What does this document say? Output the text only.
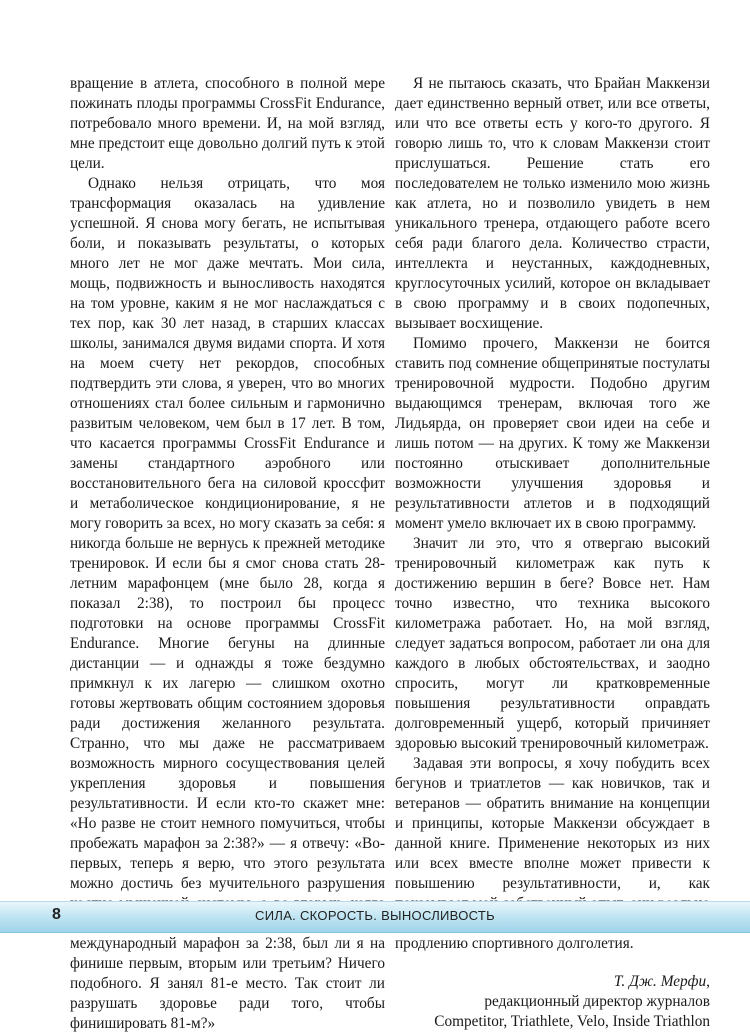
вращение в атлета, способного в полной мере пожинать плоды программы CrossFit Endurance, потребовало много времени. И, на мой взгляд, мне предстоит еще довольно долгий путь к этой цели.

Однако нельзя отрицать, что моя трансформация оказалась на удивление успешной. Я снова могу бегать, не испытывая боли, и показывать результаты, о которых много лет не мог даже мечтать. Мои сила, мощь, подвижность и выносливость находятся на том уровне, каким я не мог наслаждаться с тех пор, как 30 лет назад, в старших классах школы, занимался двумя видами спорта. И хотя на моем счету нет рекордов, способных подтвердить эти слова, я уверен, что во многих отношениях стал более сильным и гармонично развитым человеком, чем был в 17 лет. В том, что касается программы CrossFit Endurance и замены стандартного аэробного или восстановительного бега на силовой кроссфит и метаболическое кондиционирование, я не могу говорить за всех, но могу сказать за себя: я никогда больше не вернусь к прежней методике тренировок. И если бы я смог снова стать 28-летним марафонцем (мне было 28, когда я показал 2:38), то построил бы процесс подготовки на основе программы CrossFit Endurance. Многие бегуны на длинные дистанции — и однажды я тоже бездумно примкнул к их лагерю — слишком охотно готовы жертвовать общим состоянием здоровья ради достижения желанного результата. Странно, что мы даже не рассматриваем возможность мирного сосуществования целей укрепления здоровья и повышения результативности. И если кто-то скажет мне: «Но разве не стоит немного помучиться, чтобы пробежать марафон за 2:38?» — я отвечу: «Во-первых, теперь я верю, что этого результата можно достичь без мучительного разрушения международный марафон за 2:38, был ли я на финише первым, вторым или третьим? Ничего подобного. Я занял 81-е место. Так стоит ли разрушать здоровье ради того, чтобы финишировать 81-м?»

Я не пытаюсь сказать, что Брайан Маккензи дает единственно верный ответ, или все ответы, или что все ответы есть у кого-то другого. Я говорю лишь то, что к словам Маккензи стоит прислушаться. Решение стать его последователем не только изменило мою жизнь как атлета, но и позволило увидеть в нем уникального тренера, отдающего работе всего себя ради благого дела. Количество страсти, интеллекта и неустанных, каждодневных, круглосуточных усилий, которое он вкладывает в свою программу и в своих подопечных, вызывает восхищение.

Помимо прочего, Маккензи не боится ставить под сомнение общепринятые постулаты тренировочной мудрости. Подобно другим выдающимся тренерам, включая того же Лидьярда, он проверяет свои идеи на себе и лишь потом — на других. К тому же Маккензи постоянно отыскивает дополнительные возможности улучшения здоровья и результативности атлетов и в подходящий момент умело включает их в свою программу.

Значит ли это, что я отвергаю высокий тренировочный километраж как путь к достижению вершин в беге? Вовсе нет. Нам точно известно, что техника высокого километража работает. Но, на мой взгляд, следует задаться вопросом, работает ли она для каждого в любых обстоятельствах, и заодно спросить, могут ли кратковременные повышения результативности оправдать долговременный ущерб, который причиняет здоровью высокий тренировочный километраж.

Задавая эти вопросы, я хочу побудить всех бегунов и триатлетов — как новичков, так и ветеранов — обратить внимание на концепции и принципы, которые Маккензи обсуждает в данной книге. Применение некоторых из них или всех вместе вполне может привести к повышению результативности, и, как продлению спортивного долголетия.

Т. Дж. Мерфи,
редакционный директор журналов
Competitor, Triathlete, Velo, Inside Triathlon
8	СИЛА. СКОРОСТЬ. ВЫНОСЛИВОСТЬ
